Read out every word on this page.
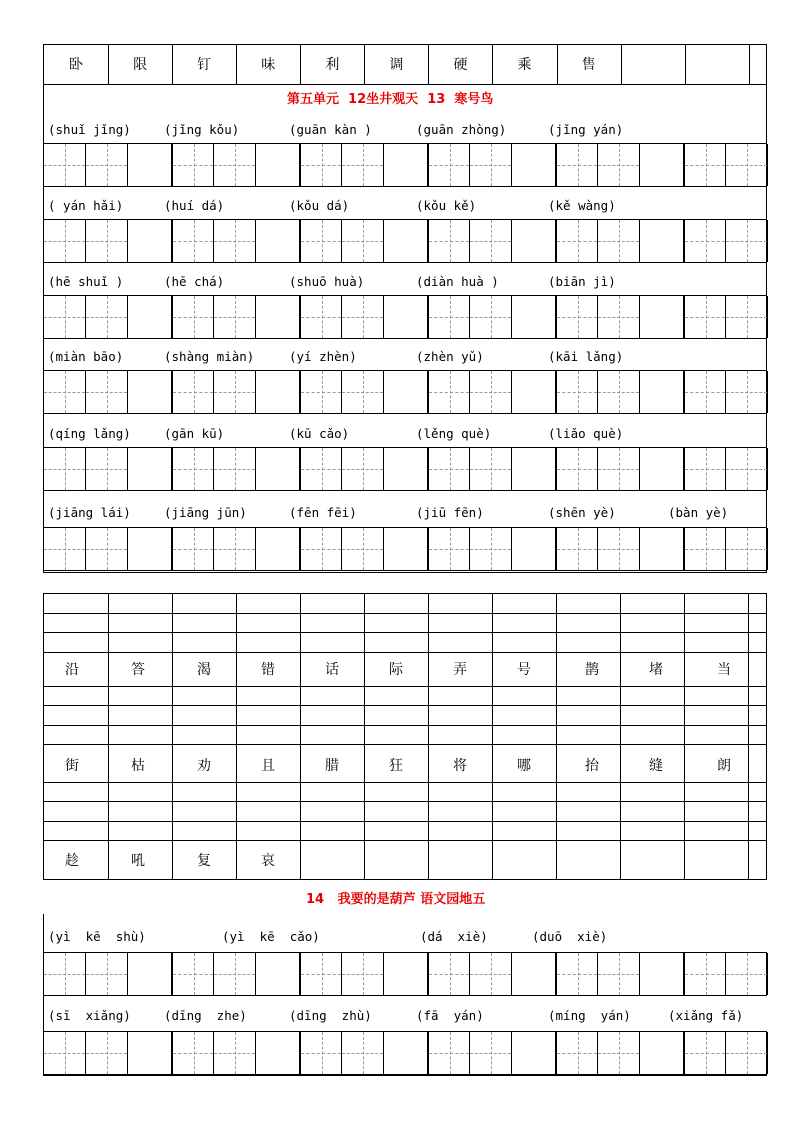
卧	限	钉	味	利	调	硬	乘	售
第五单元  12坐井观天  13  寒号鸟
(shuǐ jǐng)	(jǐng kǒu)	(guān kàn )	(guān zhòng)	(jǐng yán)
( yán hǎi)	(huí dá)	(kǒu dá)	(kǒu kě)	(kě wàng)
(hē shuǐ )	(hē chá)	(shuō huà)	(diàn huà )	(biān jì)
(miàn bāo)	(shàng miàn)	(yí zhèn)	(zhèn yǔ)	(kāi lǎng)
(qíng lǎng)	(gān kū)	(kū cǎo)	(lěng què)	(liǎo què)
(jiāng lái)	(jiāng jūn)	(fēn fēi)	(jiū fēn)	(shēn yè)	(bàn yè)
沿	答	渴	错	话	际	弄	号	鹊	堵	当
街	枯	劝	且	腊	狂	将	哪	抬	缝	朗
趁	吼	复	哀
14   我要的是葫芦 语文园地五
(yì  kē  shù)	(yì  kē  cǎo)	(dá  xiè)	(duō  xiè)
(sī  xiǎng)	(dīng  zhe)	(dīng  zhù)	(fā  yán)	(míng  yán)	(xiǎng fǎ)
